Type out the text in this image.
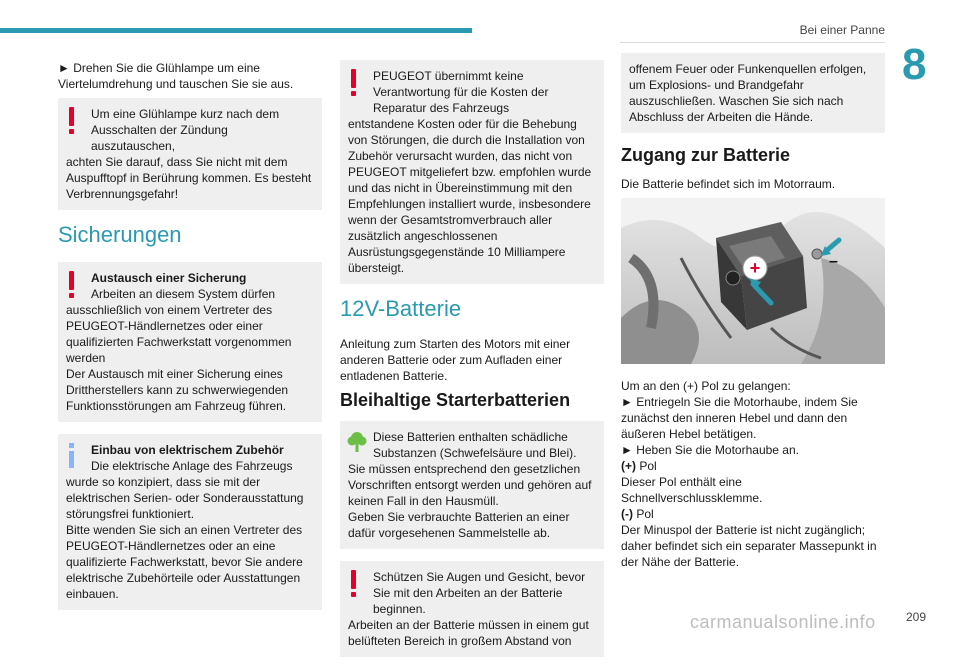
Bei einer Panne
8

► Drehen Sie die Glühlampe um eine Viertelumdrehung und tauschen Sie sie aus.

Um eine Glühlampe kurz nach dem Ausschalten der Zündung auszutauschen,
achten Sie darauf, dass Sie nicht mit dem Auspufftopf in Berührung kommen. Es besteht Verbrennungsgefahr!
Sicherungen
Austausch einer Sicherung
Arbeiten an diesem System dürfen
ausschließlich von einem Vertreter des PEUGEOT-Händlernetzes oder einer qualifizierten Fachwerkstatt vorgenommen werden
Der Austausch mit einer Sicherung eines Drittherstellers kann zu schwerwiegenden Funktionsstörungen am Fahrzeug führen.
Einbau von elektrischem Zubehör
Die elektrische Anlage des Fahrzeugs
wurde so konzipiert, dass sie mit der elektrischen Serien- oder Sonderausstattung störungsfrei funktioniert.
Bitte wenden Sie sich an einen Vertreter des PEUGEOT-Händlernetzes oder an eine qualifizierte Fachwerkstatt, bevor Sie andere elektrische Zubehörteile oder Ausstattungen einbauen.
PEUGEOT übernimmt keine Verantwortung für die Kosten der Reparatur des Fahrzeugs
entstandene Kosten oder für die Behebung von Störungen, die durch die Installation von Zubehör verursacht wurden, das nicht von PEUGEOT mitgeliefert bzw. empfohlen wurde und das nicht in Übereinstimmung mit den Empfehlungen installiert wurde, insbesondere wenn der Gesamtstromverbrauch aller zusätzlich angeschlossenen Ausrüstungsgegenstände 10 Milliampere übersteigt.
12V-Batterie

Anleitung zum Starten des Motors mit einer anderen Batterie oder zum Aufladen einer entladenen Batterie.

Bleihaltige Starterbatterien
Diese Batterien enthalten schädliche Substanzen (Schwefelsäure und Blei).
Sie müssen entsprechend den gesetzlichen Vorschriften entsorgt werden und gehören auf keinen Fall in den Hausmüll.
Geben Sie verbrauchte Batterien an einer dafür vorgesehenen Sammelstelle ab.
Schützen Sie Augen und Gesicht, bevor Sie mit den Arbeiten an der Batterie beginnen.
Arbeiten an der Batterie müssen in einem gut belüfteten Bereich in großem Abstand von
offenem Feuer oder Funkenquellen erfolgen, um Explosions- und Brandgefahr auszuschließen. Waschen Sie sich nach Abschluss der Arbeiten die Hände.
Zugang zur Batterie

Die Batterie befindet sich im Motorraum.

+	–

Um an den (+) Pol zu gelangen:

► Entriegeln Sie die Motorhaube, indem Sie zunächst den inneren Hebel und dann den äußeren Hebel betätigen.

► Heben Sie die Motorhaube an.

(+) Pol

Dieser Pol enthält eine Schnellverschlussklemme.

(-) Pol

Der Minuspol der Batterie ist nicht zugänglich; daher befindet sich ein separater Massepunkt in der Nähe der Batterie.

209
carmanualsonline.info
